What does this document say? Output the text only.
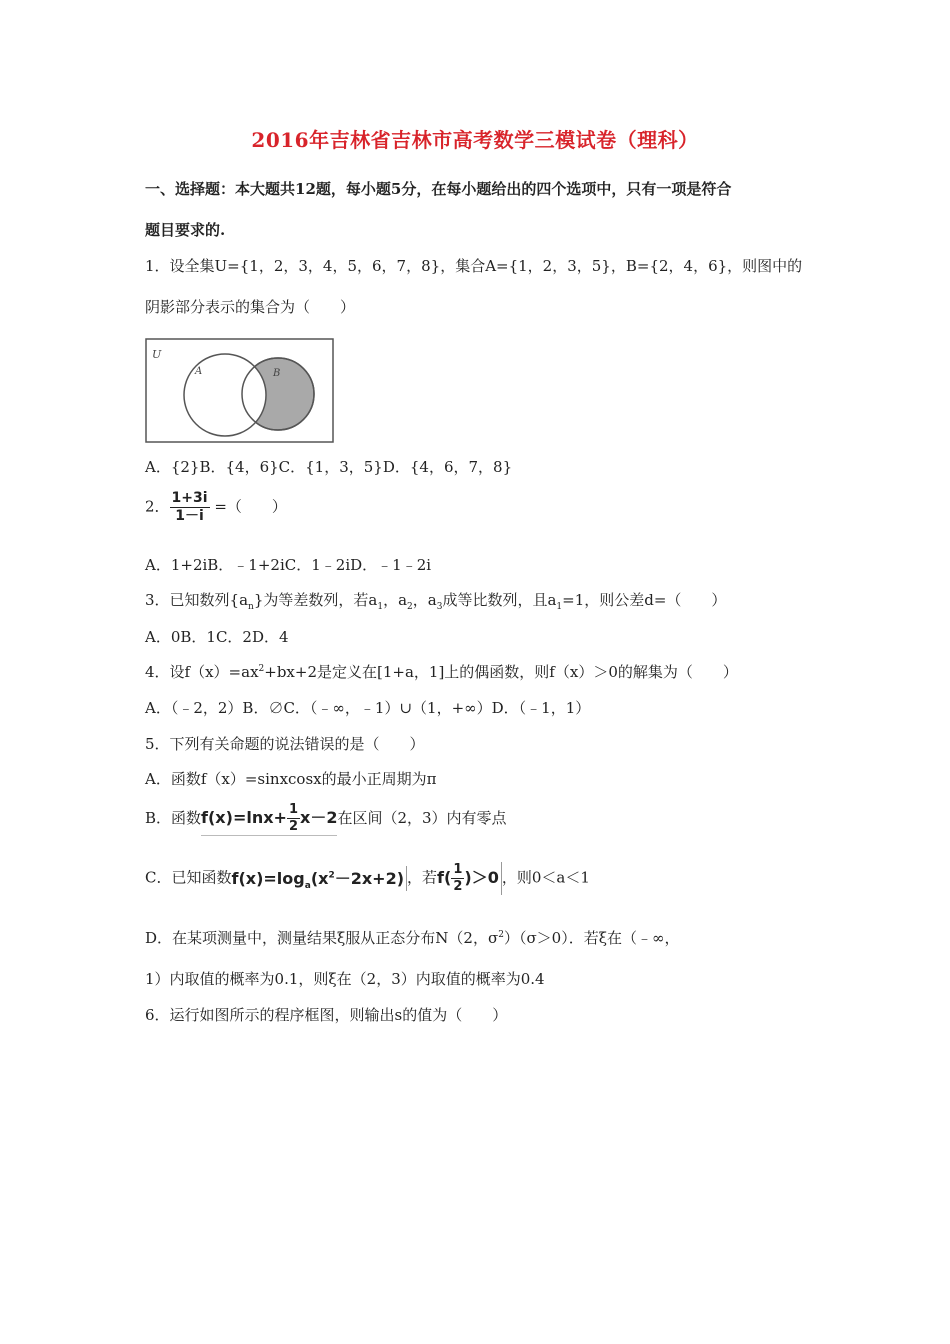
2016年吉林省吉林市高考数学三模试卷（理科）
一、选择题：本大题共12题，每小题5分，在每小题给出的四个选项中，只有一项是符合
题目要求的.
1．设全集U={1，2，3，4，5，6，7，8}，集合A={1，2，3，5}，B={2，4，6}，则图中的
阴影部分表示的集合为（　　）
U
A	B
A．{2}B．{4，6}C．{1，3，5}D．{4，6，7，8}
2． $\frac{1+3i}{1-i}$ =（　　）
A．1+2iB．﹣1+2iC．1﹣2iD．﹣1﹣2i
3．已知数列$\{a_n\}$为等差数列，若$a_1$，$a_2$，$a_3$成等比数列，且$a_1=1$，则公差d=（　　）
A．0B．1C．2D．4
4．设$f(x)=ax^2+bx+2$是定义在[1+a，1]上的偶函数，则f（x）＞0的解集为（　　）
A．（﹣2，2）B．∅C．（﹣∞，﹣1）∪（1，+∞）D．（﹣1，1）
5．下列有关命题的说法错误的是（　　）
A．函数f（x）=sinxcosx的最小正周期为π
B．函数$f(x)=\ln x+ \frac{1}{2} x-2$在区间（2，3）内有零点
C．已知函数$f(x)=\log_a(x^2-2x+2)$ ，若$f( \frac{1}{2} )>0$ ，则0＜a＜1
D．在某项测量中，测量结果ξ服从正态分布N（2，$\sigma^2)(\sigma>0)$．若ξ在（﹣∞，
1）内取值的概率为0.1，则ξ在（2，3）内取值的概率为0.4
6．运行如图所示的程序框图，则输出s的值为（　　）
